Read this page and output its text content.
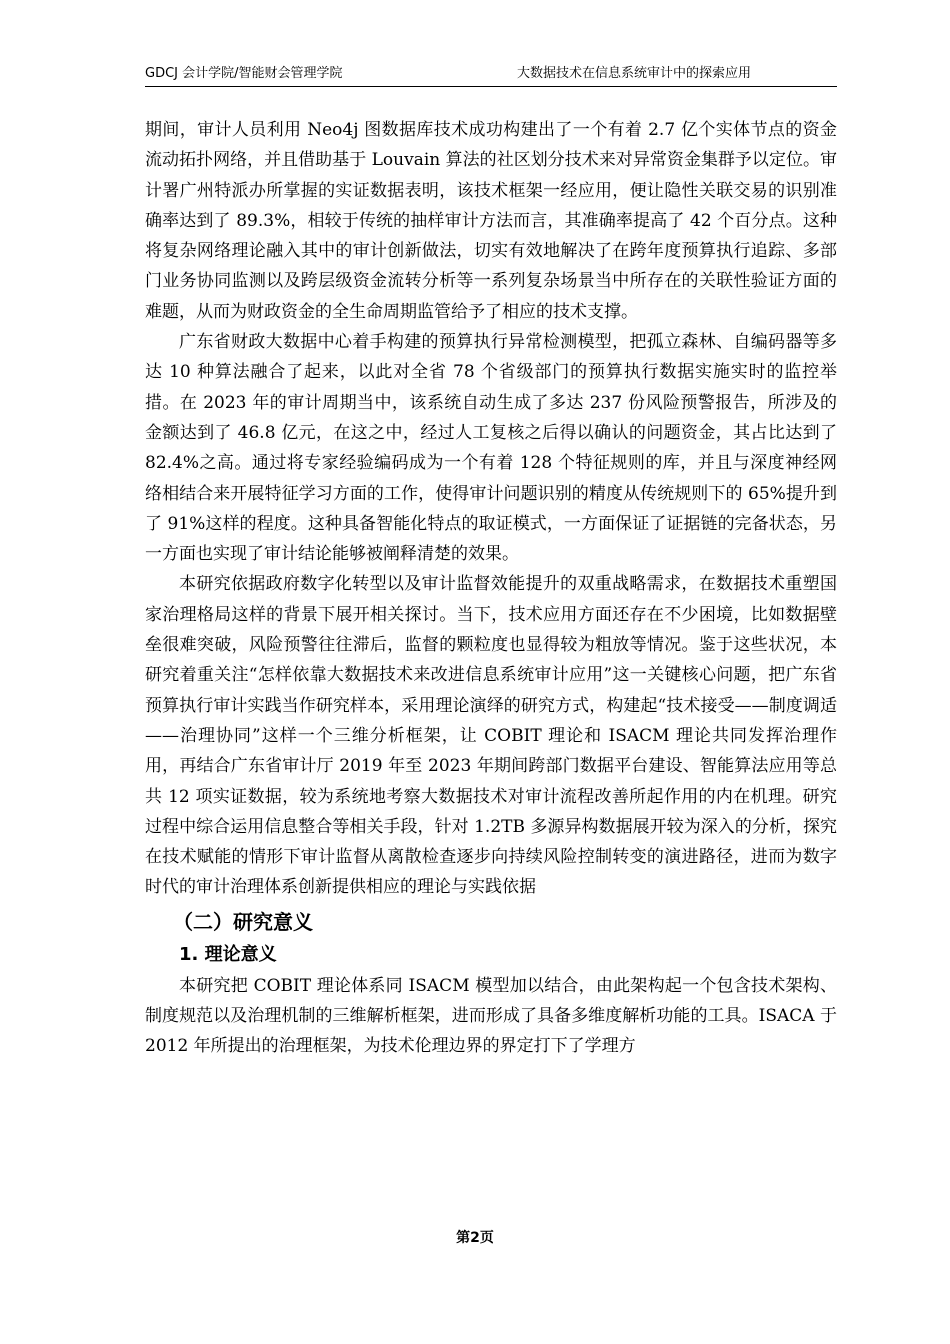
GDCJ 会计学院/智能财会管理学院	大数据技术在信息系统审计中的探索应用

期间，审计人员利用 Neo4j 图数据库技术成功构建出了一个有着 2.7 亿个实体节点的资金流动拓扑网络，并且借助基于 Louvain 算法的社区划分技术来对异常资金集群予以定位。审计署广州特派办所掌握的实证数据表明，该技术框架一经应用，便让隐性关联交易的识别准确率达到了 89.3%，相较于传统的抽样审计方法而言，其准确率提高了 42 个百分点。这种将复杂网络理论融入其中的审计创新做法，切实有效地解决了在跨年度预算执行追踪、多部门业务协同监测以及跨层级资金流转分析等一系列复杂场景当中所存在的关联性验证方面的难题，从而为财政资金的全生命周期监管给予了相应的技术支撑。

广东省财政大数据中心着手构建的预算执行异常检测模型，把孤立森林、自编码器等多达 10 种算法融合了起来，以此对全省 78 个省级部门的预算执行数据实施实时的监控举措。在 2023 年的审计周期当中，该系统自动生成了多达 237 份风险预警报告，所涉及的金额达到了 46.8 亿元，在这之中，经过人工复核之后得以确认的问题资金，其占比达到了 82.4%之高。通过将专家经验编码成为一个有着 128 个特征规则的库，并且与深度神经网络相结合来开展特征学习方面的工作，使得审计问题识别的精度从传统规则下的 65%提升到了 91%这样的程度。这种具备智能化特点的取证模式，一方面保证了证据链的完备状态，另一方面也实现了审计结论能够被阐释清楚的效果。

本研究依据政府数字化转型以及审计监督效能提升的双重战略需求，在数据技术重塑国家治理格局这样的背景下展开相关探讨。当下，技术应用方面还存在不少困境，比如数据壁垒很难突破，风险预警往往滞后，监督的颗粒度也显得较为粗放等情况。鉴于这些状况，本研究着重关注“怎样依靠大数据技术来改进信息系统审计应用”这一关键核心问题，把广东省预算执行审计实践当作研究样本，采用理论演绎的研究方式，构建起“技术接受——制度调适——治理协同”这样一个三维分析框架，让 COBIT 理论和 ISACM 理论共同发挥治理作用，再结合广东省审计厅 2019 年至 2023 年期间跨部门数据平台建设、智能算法应用等总共 12 项实证数据，较为系统地考察大数据技术对审计流程改善所起作用的内在机理。研究过程中综合运用信息整合等相关手段，针对 1.2TB 多源异构数据展开较为深入的分析，探究在技术赋能的情形下审计监督从离散检查逐步向持续风险控制转变的演进路径，进而为数字时代的审计治理体系创新提供相应的理论与实践依据

（二）研究意义
1. 理论意义

本研究把 COBIT 理论体系同 ISACM 模型加以结合，由此架构起一个包含技术架构、制度规范以及治理机制的三维解析框架，进而形成了具备多维度解析功能的工具。ISACA 于 2012 年所提出的治理框架，为技术伦理边界的界定打下了学理方

第2页
